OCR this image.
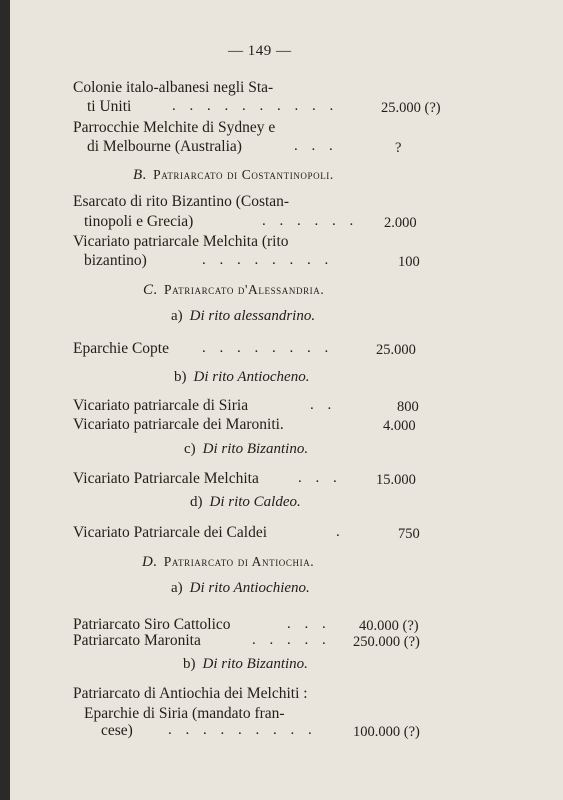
— 149 —
Colonie italo-albanesi negli Sta-
ti Uniti	. . . . . . . . . .	25.000 (?)
Parrocchie Melchite di Sydney e
di Melbourne (Australia)	. . .	?
Esarcato di rito Bizantino (Costan-
tinopoli e Grecia)	. . . . . . 2.000
Vicariato patriarcale Melchita (rito
bizantino)	. . . . . . . .	100
Eparchie Copte . . . . . . . .	25.000
Vicariato patriarcale di Siria	. .	800
Vicariato patriarcale dei Maroniti.	4.000
Vicariato Patriarcale Melchita	. . . 15.000
Vicariato Patriarcale dei Caldei	.	750
Patriarcato Siro Cattolico	. . . 40.000 (?)
Patriarcato Maronita	. . . . . 250.000 (?)
Patriarcato di Antiochia dei Melchiti :
Eparchie di Siria (mandato fran-
cese) . . . . . . . . .	100.000 (?)
B. Patriarcato di Costantinopoli.
C. Patriarcato d'Alessandria.
D. Patriarcato di Antiochia.
a) Di rito alessandrino.
b) Di rito Antiocheno.
c) Di rito Bizantino.
d) Di rito Caldeo.
a) Di rito Antiochieno.
b) Di rito Bizantino.
